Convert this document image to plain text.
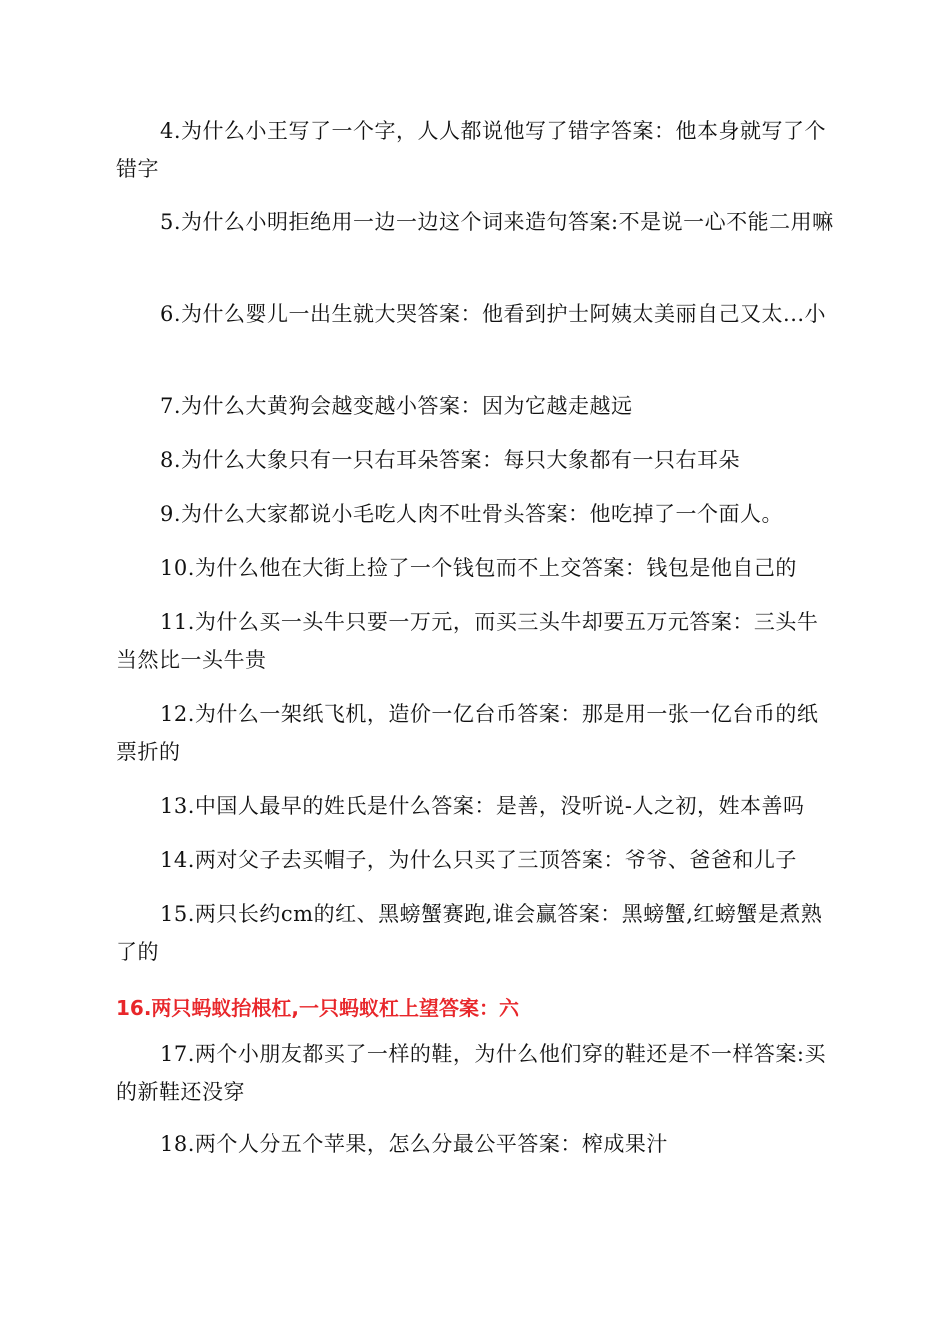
4.为什么小王写了一个字，人人都说他写了错字答案：他本身就写了个错字

5.为什么小明拒绝用一边一边这个词来造句答案:不是说一心不能二用嘛

6.为什么婴儿一出生就大哭答案：他看到护士阿姨太美丽自己又太...小

7.为什么大黄狗会越变越小答案：因为它越走越远

8.为什么大象只有一只右耳朵答案：每只大象都有一只右耳朵

9.为什么大家都说小毛吃人肉不吐骨头答案：他吃掉了一个面人。

10.为什么他在大街上捡了一个钱包而不上交答案：钱包是他自己的

11.为什么买一头牛只要一万元，而买三头牛却要五万元答案：三头牛当然比一头牛贵

12.为什么一架纸飞机，造价一亿台币答案：那是用一张一亿台币的纸票折的

13.中国人最早的姓氏是什么答案：是善，没听说-人之初，姓本善吗

14.两对父子去买帽子，为什么只买了三顶答案：爷爷、爸爸和儿子

15.两只长约cm的红、黑螃蟹赛跑,谁会赢答案：黑螃蟹,红螃蟹是煮熟了的

16.两只蚂蚁抬根杠,一只蚂蚁杠上望答案：六

17.两个小朋友都买了一样的鞋，为什么他们穿的鞋还是不一样答案:买的新鞋还没穿

18.两个人分五个苹果，怎么分最公平答案：榨成果汁
